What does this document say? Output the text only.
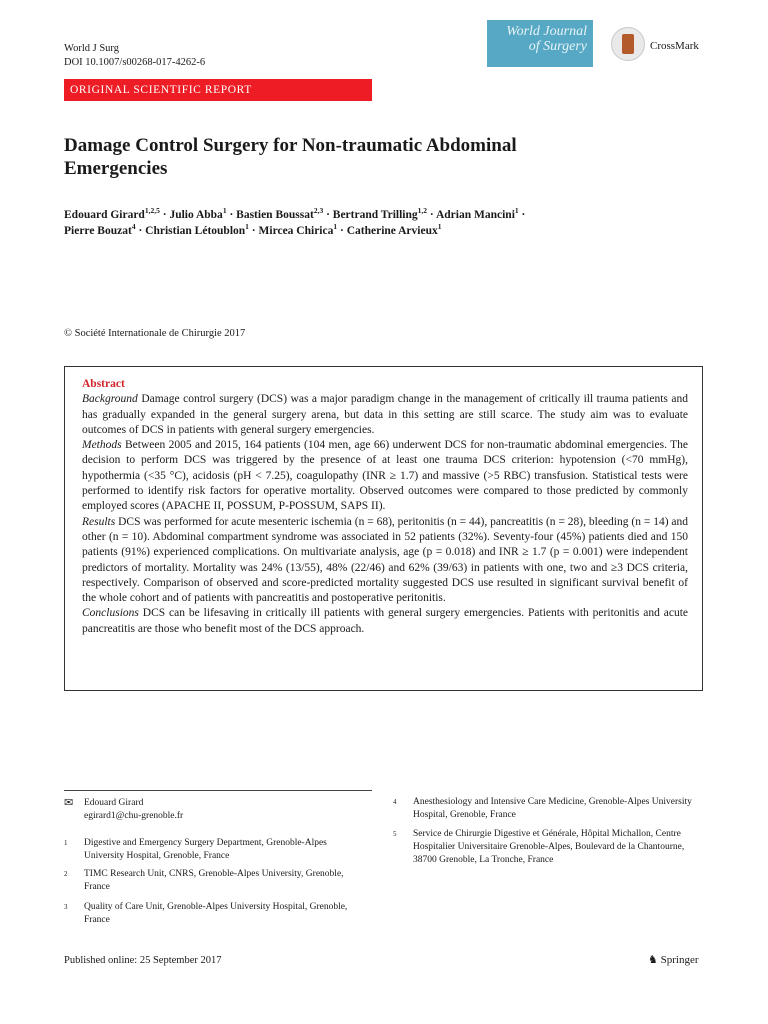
World J Surg
DOI 10.1007/s00268-017-4262-6
World Journal
of Surgery	CrossMark
ORIGINAL SCIENTIFIC REPORT
Damage Control Surgery for Non-traumatic Abdominal
Emergencies
Edouard Girard$^{1,2,5}$ · Julio Abba$^1$ · Bastien Boussat$^{2,3}$ · Bertrand Trilling$^{1,2}$ · Adrian Mancini$^1$ ·
Pierre Bouzat$^4$ · Christian Létoublon$^1$ · Mircea Chirica$^1$ · Catherine Arvieux$^1$
© Société Internationale de Chirurgie 2017
Abstract
Background Damage control surgery (DCS) was a major paradigm change in the management of critically ill trauma patients and has gradually expanded in the general surgery arena, but data in this setting are still scarce. The study aim was to evaluate outcomes of DCS in patients with general surgery emergencies.
Methods Between 2005 and 2015, 164 patients (104 men, age 66) underwent DCS for non-traumatic abdominal emergencies. The decision to perform DCS was triggered by the presence of at least one trauma DCS criterion: hypotension (<70 mmHg), hypothermia (<35 °C), acidosis (pH < 7.25), coagulopathy (INR ≥ 1.7) and massive (>5 RBC) transfusion. Statistical tests were performed to identify risk factors for operative mortality. Observed outcomes were compared to those predicted by commonly employed scores (APACHE II, POSSUM, P-POSSUM, SAPS II).
Results DCS was performed for acute mesenteric ischemia (n = 68), peritonitis (n = 44), pancreatitis (n = 28), bleeding (n = 14) and other (n = 10). Abdominal compartment syndrome was associated in 52 patients (32%). Seventy-four (45%) patients died and 150 patients (91%) experienced complications. On multivariate analysis, age (p = 0.018) and INR ≥ 1.7 (p = 0.001) were independent predictors of mortality. Mortality was 24% (13/55), 48% (22/46) and 62% (39/63) in patients with one, two and ≥3 DCS criteria, respectively. Comparison of observed and score-predicted mortality suggested DCS use resulted in significant survival benefit of the whole cohort and of patients with pancreatitis and postoperative peritonitis.
Conclusions DCS can be lifesaving in critically ill patients with general surgery emergencies. Patients with peritonitis and acute pancreatitis are those who benefit most of the DCS approach.
✉ Edouard Girard
egirard1@chu-grenoble.fr
1 Digestive and Emergency Surgery Department, Grenoble-Alpes University Hospital, Grenoble, France
2 TIMC Research Unit, CNRS, Grenoble-Alpes University, Grenoble, France
3 Quality of Care Unit, Grenoble-Alpes University Hospital, Grenoble, France
4 Anesthesiology and Intensive Care Medicine, Grenoble-Alpes University Hospital, Grenoble, France
5 Service de Chirurgie Digestive et Générale, Hôpital Michallon, Centre Hospitalier Universitaire Grenoble-Alpes, Boulevard de la Chantourne, 38700 Grenoble, La Tronche, France
Published online: 25 September 2017	♞ Springer
